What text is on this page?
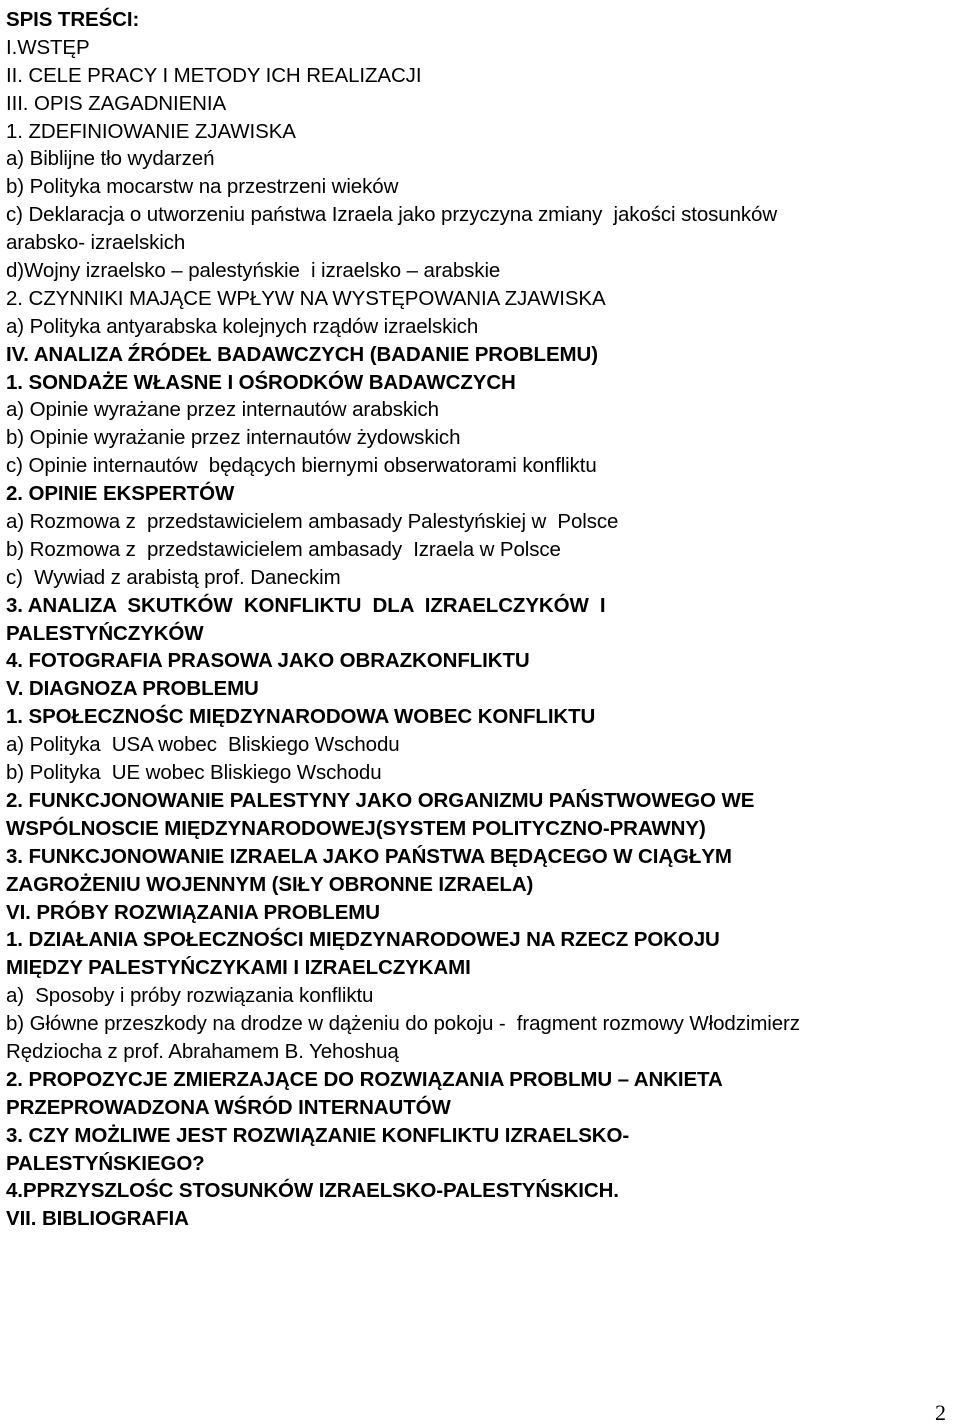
SPIS TREŚCI:
I.WSTĘP
II. CELE PRACY I METODY ICH REALIZACJI
III. OPIS ZAGADNIENIA
1. ZDEFINIOWANIE ZJAWISKA
a) Biblijne tło wydarzeń
b) Polityka mocarstw na przestrzeni wieków
c) Deklaracja o utworzeniu państwa Izraela jako przyczyna zmiany  jakości stosunków
arabsko- izraelskich
d)Wojny izraelsko – palestyńskie  i izraelsko – arabskie
2. CZYNNIKI MAJĄCE WPŁYW NA WYSTĘPOWANIA ZJAWISKA
a) Polityka antyarabska kolejnych rządów izraelskich
IV. ANALIZA ŹRÓDEŁ BADAWCZYCH (BADANIE PROBLEMU)
1. SONDAŻE WŁASNE I OŚRODKÓW BADAWCZYCH
a) Opinie wyrażane przez internautów arabskich
b) Opinie wyrażanie przez internautów żydowskich
c) Opinie internautów  będących biernymi obserwatorami konfliktu
2. OPINIE EKSPERTÓW
a) Rozmowa z  przedstawicielem ambasady Palestyńskiej w  Polsce
b) Rozmowa z  przedstawicielem ambasady  Izraela w Polsce
c)  Wywiad z arabistą prof. Daneckim
3. ANALIZA  SKUTKÓW  KONFLIKTU  DLA  IZRAELCZYKÓW  I
PALESTYŃCZYKÓW
4. FOTOGRAFIA PRASOWA JAKO OBRAZKONFLIKTU
V. DIAGNOZA PROBLEMU
1. SPOŁECZNOŚC MIĘDZYNARODOWA WOBEC KONFLIKTU
a) Polityka  USA wobec  Bliskiego Wschodu
b) Polityka  UE wobec Bliskiego Wschodu
2. FUNKCJONOWANIE PALESTYNY JAKO ORGANIZMU PAŃSTWOWEGO WE
WSPÓLNOSCIE MIĘDZYNARODOWEJ(SYSTEM POLITYCZNO-PRAWNY)
3. FUNKCJONOWANIE IZRAELA JAKO PAŃSTWA BĘDĄCEGO W CIĄGŁYM
ZAGROŻENIU WOJENNYM (SIŁY OBRONNE IZRAELA)
VI. PRÓBY ROZWIĄZANIA PROBLEMU
1. DZIAŁANIA SPOŁECZNOŚCI MIĘDZYNARODOWEJ NA RZECZ POKOJU
MIĘDZY PALESTYŃCZYKAMI I IZRAELCZYKAMI
a)  Sposoby i próby rozwiązania konfliktu
b) Główne przeszkody na drodze w dążeniu do pokoju -  fragment rozmowy Włodzimierz
Rędziocha z prof. Abrahamem B. Yehoshuą
2. PROPOZYCJE ZMIERZAJĄCE DO ROZWIĄZANIA PROBLMU – ANKIETA
PRZEPROWADZONA WŚRÓD INTERNAUTÓW
3. CZY MOŻLIWE JEST ROZWIĄZANIE KONFLIKTU IZRAELSKO-
PALESTYŃSKIEGO?
4.PPRZYSZLOŚC STOSUNKÓW IZRAELSKO-PALESTYŃSKICH.
VII. BIBLIOGRAFIA
2
